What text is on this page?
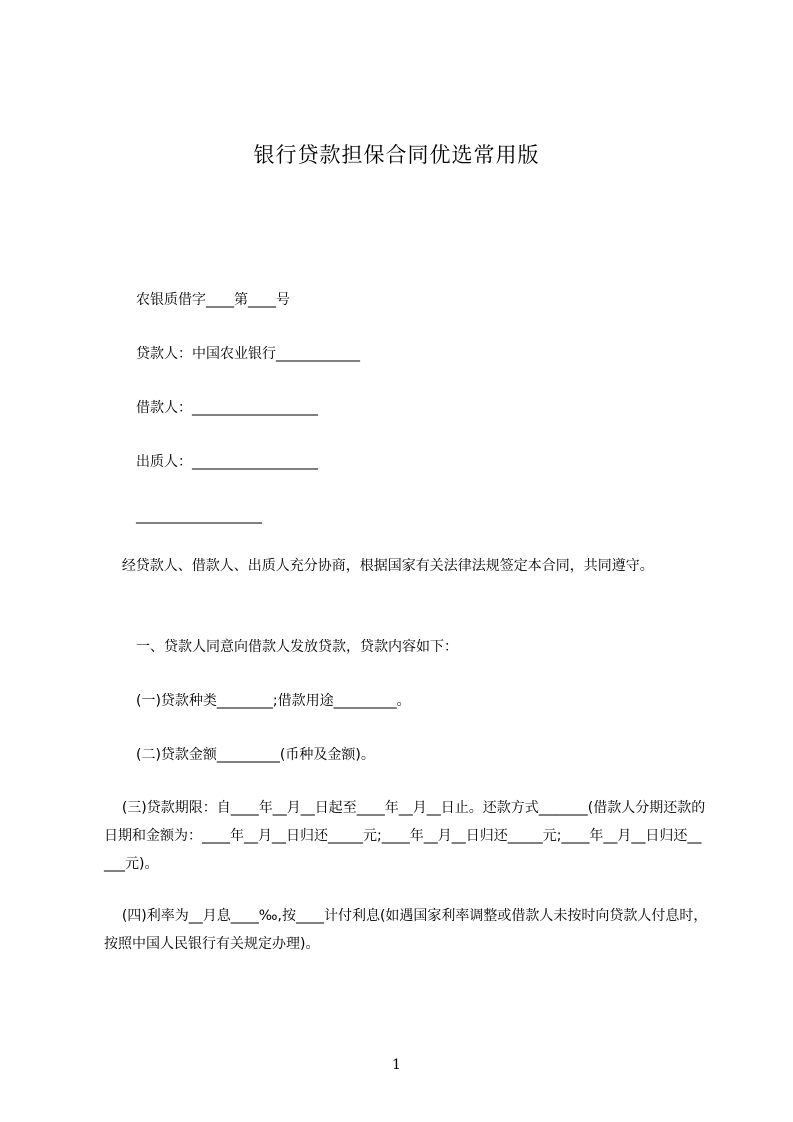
银行贷款担保合同优选常用版
农银质借字____第____号
贷款人：中国农业银行____________
借款人：__________________
出质人：__________________
__________________
经贷款人、借款人、出质人充分协商，根据国家有关法律法规签定本合同，共同遵守。
一、贷款人同意向借款人发放贷款，贷款内容如下：
(一)贷款种类________;借款用途_________。
(二)贷款金额_________(币种及金额)。
(三)贷款期限：自____年__月__日起至____年__月__日止。还款方式_______(借款人分期还款的日期和金额为：____年__月__日归还_____元;____年__月__日归还_____元;____年__月__日归还_____元)。
(四)利率为__月息____‰,按____计付利息(如遇国家利率调整或借款人未按时向贷款人付息时，按照中国人民银行有关规定办理)。
1
